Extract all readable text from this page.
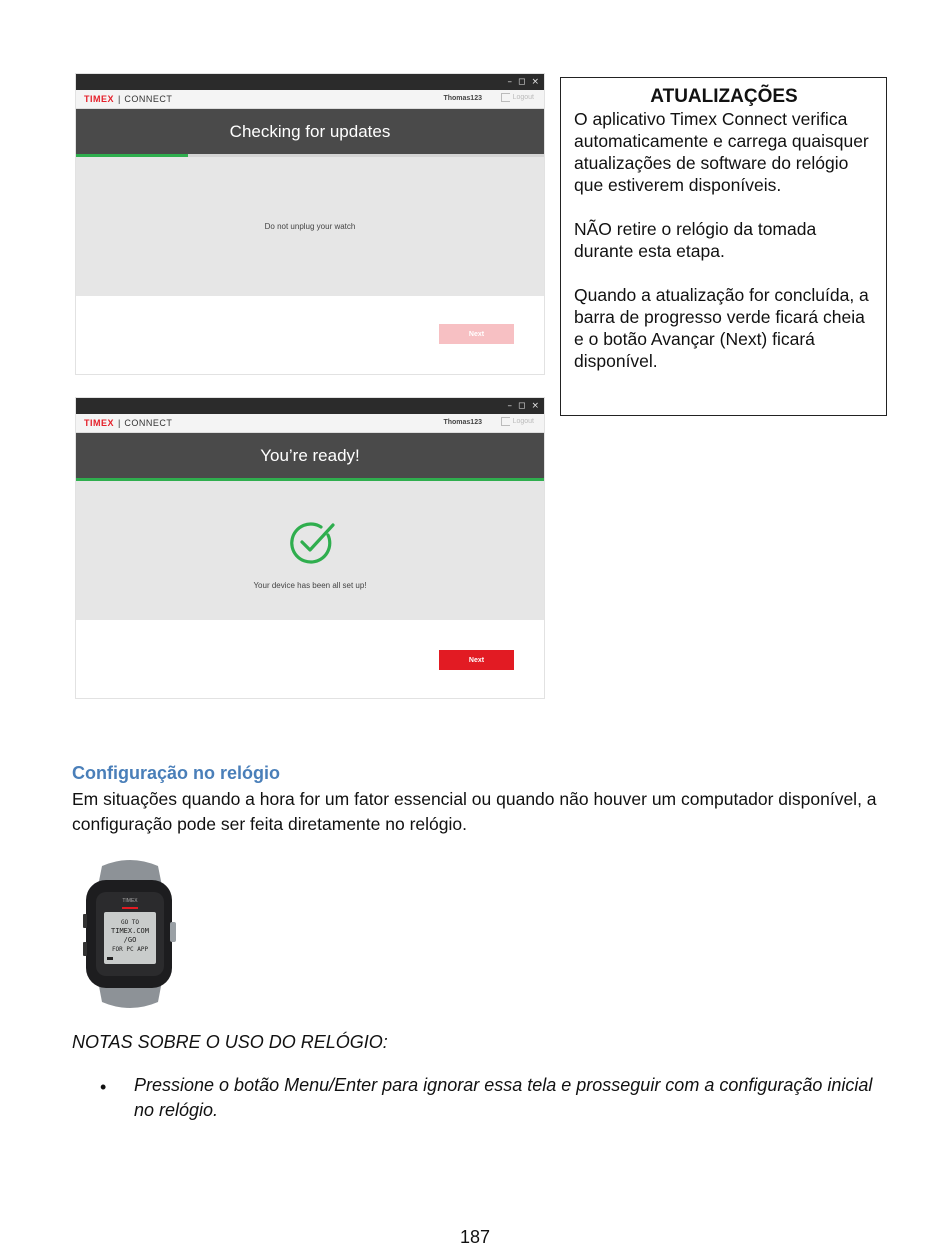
– ◻ ×
TIMEX | CONNECT	Thomas123	Logout
Checking for updates
Do not unplug your watch
Next
– ◻ ×
TIMEX | CONNECT	Thomas123	Logout
You’re ready!
Your device has been all set up!
Next
ATUALIZAÇÕES

O aplicativo Timex Connect verifica automaticamente e carrega quaisquer atualizações de software do relógio que estiverem disponíveis.

NÃO retire o relógio da tomada durante esta etapa.

Quando a atualização for concluída, a barra de progresso verde ficará cheia e o botão Avançar (Next) ficará disponível.

Configuração no relógio
Em situações quando a hora for um fator essencial ou quando não houver um computador disponível, a configuração pode ser feita diretamente no relógio.
TIMEX
GO TO
TIMEX.COM
/GO
FOR PC APP
NOTAS SOBRE O USO DO RELÓGIO:
• Pressione o botão Menu/Enter para ignorar essa tela e prosseguir com a configuração inicial no relógio.
187
